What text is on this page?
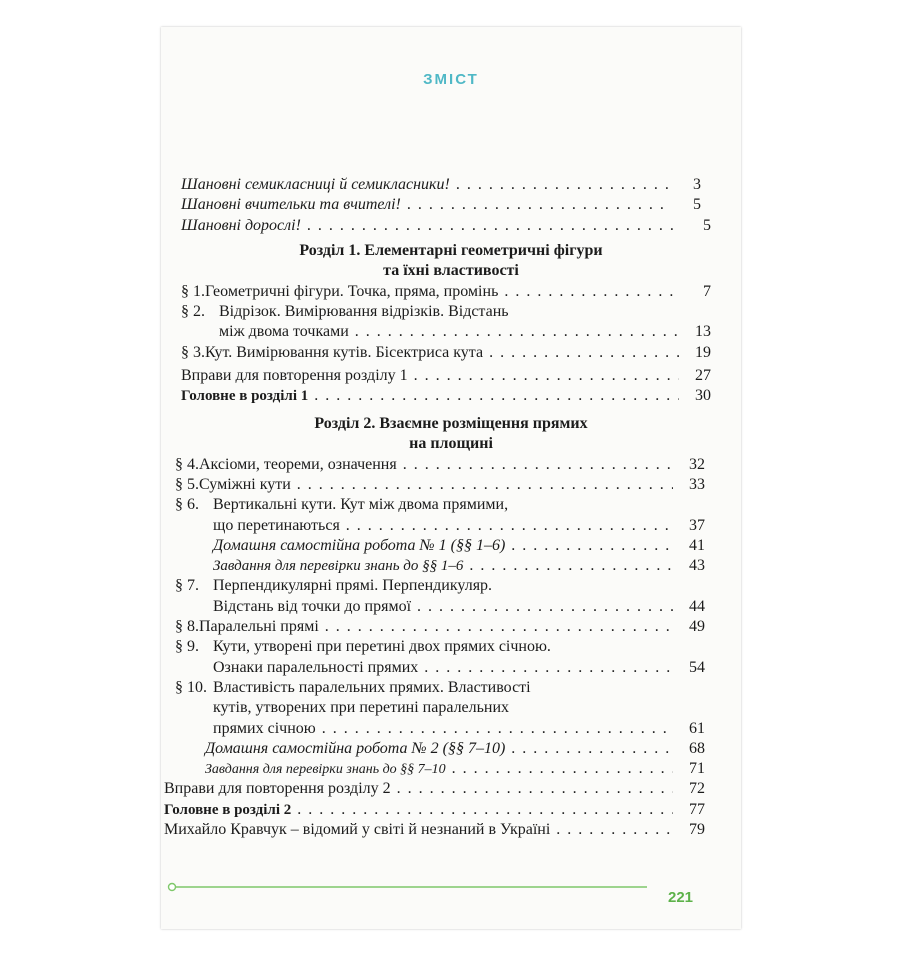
ЗМІСТ
Шановні семикласниці й семикласники! . . .	3
Шановні вчительки та вчителі! . . .	5
Шановні дорослі! . . .	5
Розділ 1. Елементарні геометричні фігури
та їхні властивості
§ 1. Геометричні фігури. Точка, пряма, промінь . . .	7
§ 2. Відрізок. Вимірювання відрізків. Відстань
між двома точками . . .	13
§ 3. Кут. Вимірювання кутів. Бісектриса кута . . .	19
Вправи для повторення розділу 1 . . .	27
Головне в розділі 1 . . .	30
Розділ 2. Взаємне розміщення прямих
на площині
§ 4. Аксіоми, теореми, означення . . .	32
§ 5. Суміжні кути . . .	33
§ 6. Вертикальні кути. Кут між двома прямими,
що перетинаються . . .	37
Домашня самостійна робота № 1 (§§ 1–6) . . .	41
Завдання для перевірки знань до §§ 1–6 . . .	43
§ 7. Перпендикулярні прямі. Перпендикуляр.
Відстань від точки до прямої . . .	44
§ 8. Паралельні прямі . . .	49
§ 9. Кути, утворені при перетині двох прямих січною.
Ознаки паралельності прямих . . .	54
§ 10. Властивість паралельних прямих. Властивості
кутів, утворених при перетині паралельних
прямих січною . . .	61
Домашня самостійна робота № 2 (§§ 7–10) . . .	68
Завдання для перевірки знань до §§ 7–10 . . .	71
Вправи для повторення розділу 2 . . .	72
Головне в розділі 2 . . .	77
Михайло Кравчук – відомий у світі й незнаний в Україні . . .	79
221
